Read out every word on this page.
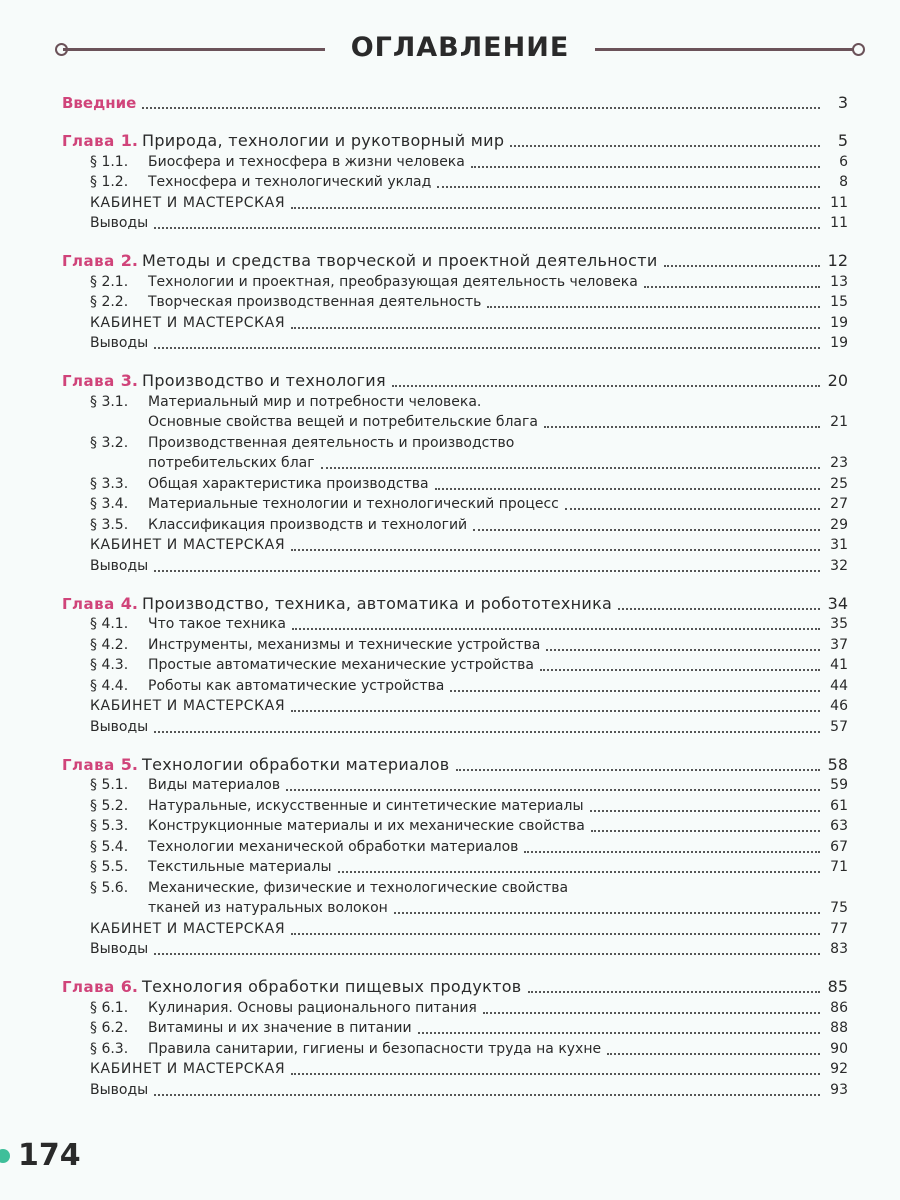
ОГЛАВЛЕНИЕ
Введние	3
Глава 1. Природа, технологии и рукотворный мир	5
§ 1.1.	Биосфера и техносфера в жизни человека	6
§ 1.2.	Техносфера и технологический уклад	8
КАБИНЕТ И МАСТЕРСКАЯ	11
Выводы	11
Глава 2. Методы и средства творческой и проектной деятельности	12
§ 2.1.	Технологии и проектная, преобразующая деятельность человека	13
§ 2.2.	Творческая производственная деятельность	15
КАБИНЕТ И МАСТЕРСКАЯ	19
Выводы	19
Глава 3. Производство и технология	20
§ 3.1.	Материальный мир и потребности человека.
Основные свойства вещей и потребительские блага	21
§ 3.2.	Производственная деятельность и производство
потребительских благ	23
§ 3.3.	Общая характеристика производства	25
§ 3.4.	Материальные технологии и технологический процесс	27
§ 3.5.	Классификация производств и технологий	29
КАБИНЕТ И МАСТЕРСКАЯ	31
Выводы	32
Глава 4. Производство, техника, автоматика и робототехника	34
§ 4.1.	Что такое техника	35
§ 4.2.	Инструменты, механизмы и технические устройства	37
§ 4.3.	Простые автоматические механические устройства	41
§ 4.4.	Роботы как автоматические устройства	44
КАБИНЕТ И МАСТЕРСКАЯ	46
Выводы	57
Глава 5. Технологии обработки материалов	58
§ 5.1.	Виды материалов	59
§ 5.2.	Натуральные, искусственные и синтетические материалы	61
§ 5.3.	Конструкционные материалы и их механические свойства	63
§ 5.4.	Технологии механической обработки материалов	67
§ 5.5.	Текстильные материалы	71
§ 5.6.	Механические, физические и технологические свойства
тканей из натуральных волокон	75
КАБИНЕТ И МАСТЕРСКАЯ	77
Выводы	83
Глава 6. Технология обработки пищевых продуктов	85
§ 6.1.	Кулинария. Основы рационального питания	86
§ 6.2.	Витамины и их значение в питании	88
§ 6.3.	Правила санитарии, гигиены и безопасности труда на кухне	90
КАБИНЕТ И МАСТЕРСКАЯ	92
Выводы	93
174
